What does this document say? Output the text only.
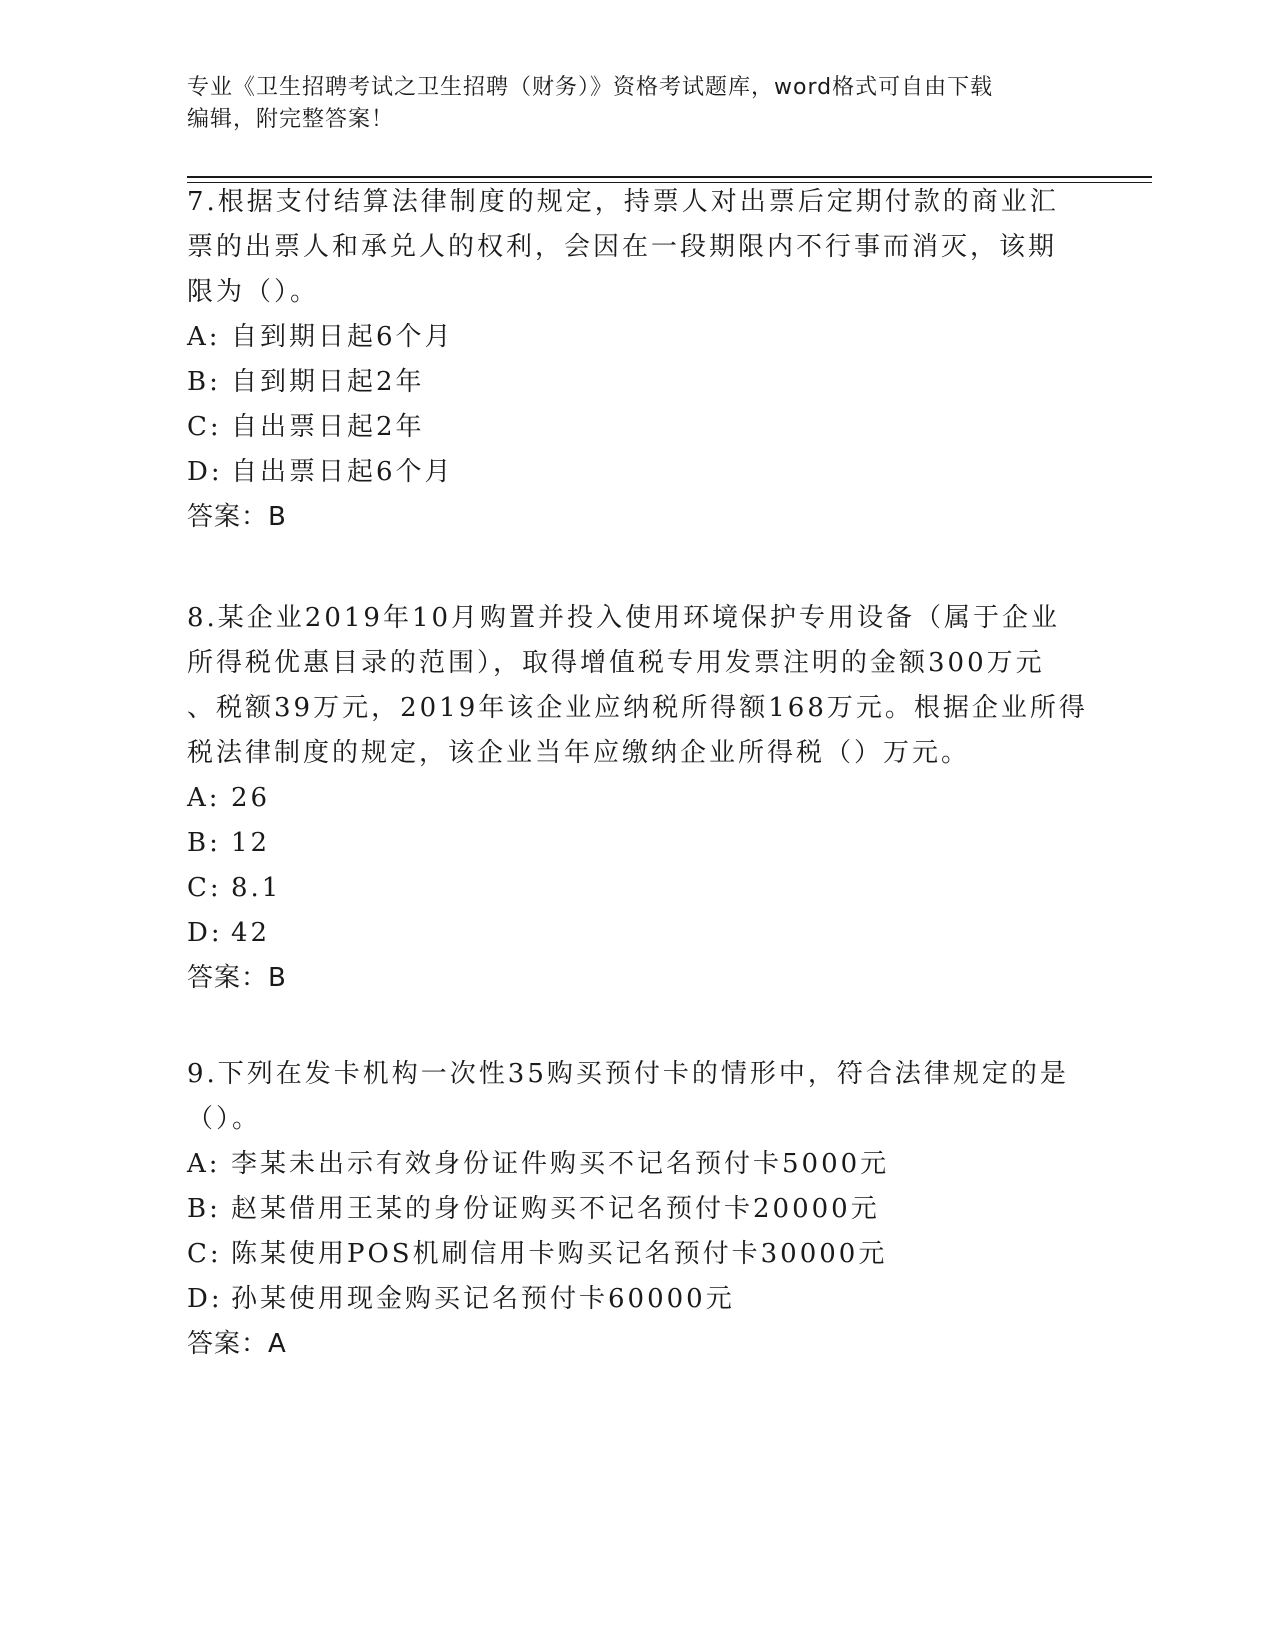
专业《卫生招聘考试之卫生招聘（财务）》资格考试题库，word格式可自由下载
编辑，附完整答案！
7.根据支付结算法律制度的规定，持票人对出票后定期付款的商业汇
票的出票人和承兑人的权利，会因在一段期限内不行事而消灭，该期
限为（）。
A: 自到期日起6个月
B: 自到期日起2年
C: 自出票日起2年
D: 自出票日起6个月
答案：B
8.某企业2019年10月购置并投入使用环境保护专用设备（属于企业
所得税优惠目录的范围），取得增值税专用发票注明的金额300万元
、税额39万元，2019年该企业应纳税所得额168万元。根据企业所得
税法律制度的规定，该企业当年应缴纳企业所得税（）万元。
A: 26
B: 12
C: 8.1
D: 42
答案：B
9.下列在发卡机构一次性35购买预付卡的情形中，符合法律规定的是
（）。
A: 李某未出示有效身份证件购买不记名预付卡5000元
B: 赵某借用王某的身份证购买不记名预付卡20000元
C: 陈某使用POS机刷信用卡购买记名预付卡30000元
D: 孙某使用现金购买记名预付卡60000元
答案：A
